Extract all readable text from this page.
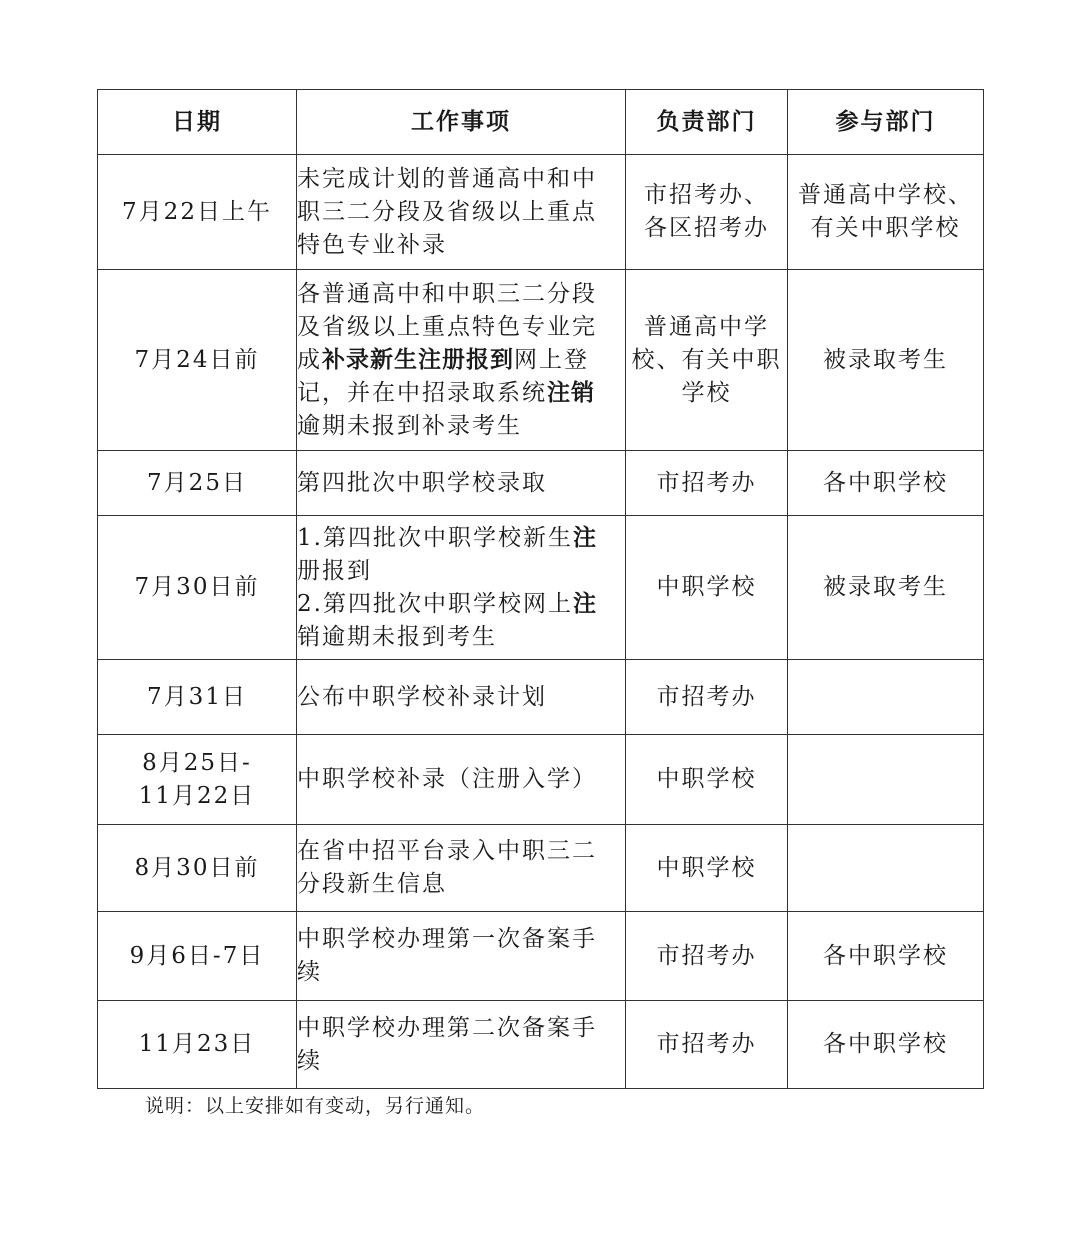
日期	工作事项	负责部门	参与部门

7月22日上午	未完成计划的普通高中和中
职三二分段及省级以上重点
特色专业补录	市招考办、
各区招考办	普通高中学校、
有关中职学校

7月24日前	各普通高中和中职三二分段
及省级以上重点特色专业完
成补录新生注册报到网上登
记，并在中招录取系统注销
逾期未报到补录考生	普通高中学
校、有关中职
学校	被录取考生

7月25日	第四批次中职学校录取	市招考办	各中职学校

7月30日前	1.第四批次中职学校新生注
册报到
2.第四批次中职学校网上注
销逾期未报到考生	中职学校	被录取考生

7月31日	公布中职学校补录计划	市招考办	

8月25日-
11月22日	中职学校补录（注册入学）	中职学校	

8月30日前	在省中招平台录入中职三二
分段新生信息	中职学校	

9月6日-7日	中职学校办理第一次备案手
续	市招考办	各中职学校

11月23日	中职学校办理第二次备案手
续	市招考办	各中职学校
说明：以上安排如有变动，另行通知。
